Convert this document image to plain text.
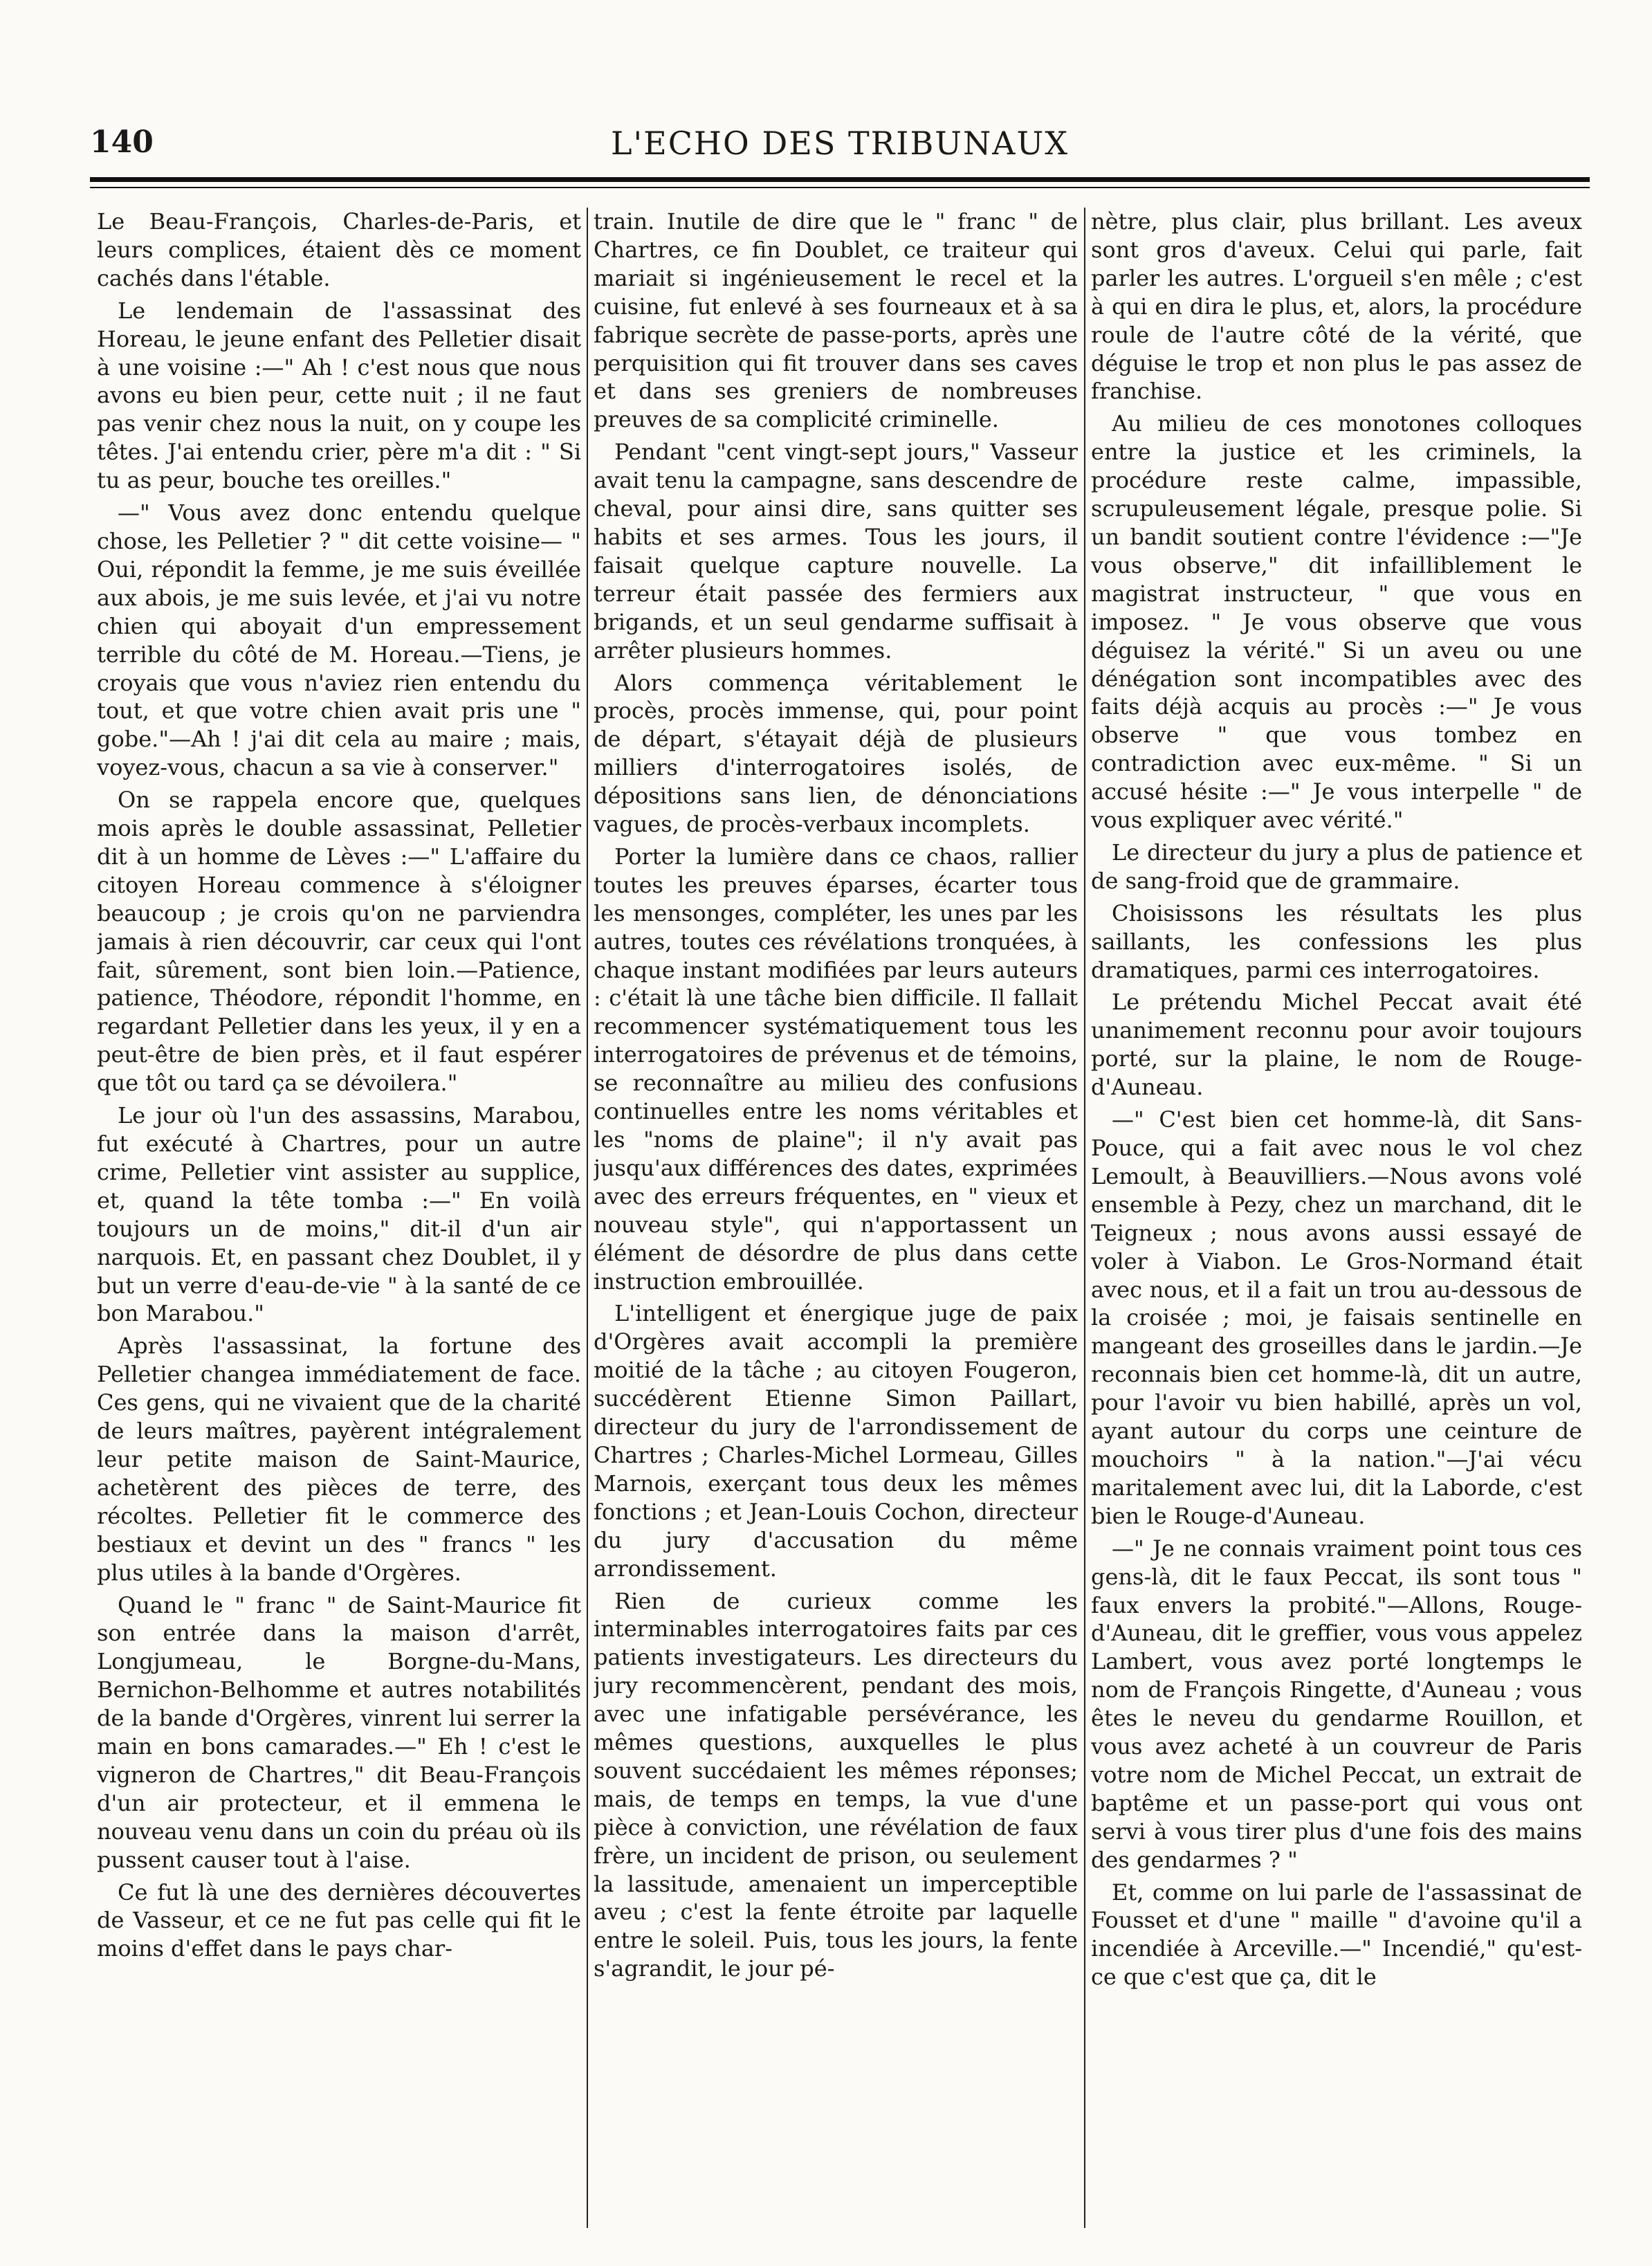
140	L'ECHO DES TRIBUNAUX

Le Beau-François, Charles-de-Paris, et leurs complices, étaient dès ce moment cachés dans l'étable.

Le lendemain de l'assassinat des Horeau, le jeune enfant des Pelletier disait à une voisine :—" Ah ! c'est nous que nous avons eu bien peur, cette nuit ; il ne faut pas venir chez nous la nuit, on y coupe les têtes. J'ai entendu crier, père m'a dit : " Si tu as peur, bouche tes oreilles."

—" Vous avez donc entendu quelque chose, les Pelletier ? " dit cette voisine— " Oui, répondit la femme, je me suis éveillée aux abois, je me suis levée, et j'ai vu notre chien qui aboyait d'un empressement terrible du côté de M. Horeau.—Tiens, je croyais que vous n'aviez rien entendu du tout, et que votre chien avait pris une " gobe."—Ah ! j'ai dit cela au maire ; mais, voyez-vous, chacun a sa vie à conserver."

On se rappela encore que, quelques mois après le double assassinat, Pelletier dit à un homme de Lèves :—" L'affaire du citoyen Horeau commence à s'éloigner beaucoup ; je crois qu'on ne parviendra jamais à rien découvrir, car ceux qui l'ont fait, sûrement, sont bien loin.—Patience, patience, Théodore, répondit l'homme, en regardant Pelletier dans les yeux, il y en a peut-être de bien près, et il faut espérer que tôt ou tard ça se dévoilera."

Le jour où l'un des assassins, Marabou, fut exécuté à Chartres, pour un autre crime, Pelletier vint assister au supplice, et, quand la tête tomba :—" En voilà toujours un de moins," dit-il d'un air narquois. Et, en passant chez Doublet, il y but un verre d'eau-de-vie " à la santé de ce bon Marabou."

Après l'assassinat, la fortune des Pelletier changea immédiatement de face. Ces gens, qui ne vivaient que de la charité de leurs maîtres, payèrent intégralement leur petite maison de Saint-Maurice, achetèrent des pièces de terre, des récoltes. Pelletier fit le commerce des bestiaux et devint un des " francs " les plus utiles à la bande d'Orgères.

Quand le " franc " de Saint-Maurice fit son entrée dans la maison d'arrêt, Longjumeau, le Borgne-du-Mans, Bernichon-Belhomme et autres notabilités de la bande d'Orgères, vinrent lui serrer la main en bons camarades.—" Eh ! c'est le vigneron de Chartres," dit Beau-François d'un air protecteur, et il emmena le nouveau venu dans un coin du préau où ils pussent causer tout à l'aise.

Ce fut là une des dernières découvertes de Vasseur, et ce ne fut pas celle qui fit le moins d'effet dans le pays char-

train. Inutile de dire que le " franc " de Chartres, ce fin Doublet, ce traiteur qui mariait si ingénieusement le recel et la cuisine, fut enlevé à ses fourneaux et à sa fabrique secrète de passe-ports, après une perquisition qui fit trouver dans ses caves et dans ses greniers de nombreuses preuves de sa complicité criminelle.

Pendant "cent vingt-sept jours," Vasseur avait tenu la campagne, sans descendre de cheval, pour ainsi dire, sans quitter ses habits et ses armes. Tous les jours, il faisait quelque capture nouvelle. La terreur était passée des fermiers aux brigands, et un seul gendarme suffisait à arrêter plusieurs hommes.

Alors commença véritablement le procès, procès immense, qui, pour point de départ, s'étayait déjà de plusieurs milliers d'interrogatoires isolés, de dépositions sans lien, de dénonciations vagues, de procès-verbaux incomplets.

Porter la lumière dans ce chaos, rallier toutes les preuves éparses, écarter tous les mensonges, compléter, les unes par les autres, toutes ces révélations tronquées, à chaque instant modifiées par leurs auteurs : c'était là une tâche bien difficile. Il fallait recommencer systématiquement tous les interrogatoires de prévenus et de témoins, se reconnaître au milieu des confusions continuelles entre les noms véritables et les "noms de plaine"; il n'y avait pas jusqu'aux différences des dates, exprimées avec des erreurs fréquentes, en " vieux et nouveau style", qui n'apportassent un élément de désordre de plus dans cette instruction embrouillée.

L'intelligent et énergique juge de paix d'Orgères avait accompli la première moitié de la tâche ; au citoyen Fougeron, succédèrent Etienne Simon Paillart, directeur du jury de l'arrondissement de Chartres ; Charles-Michel Lormeau, Gilles Marnois, exerçant tous deux les mêmes fonctions ; et Jean-Louis Cochon, directeur du jury d'accusation du même arrondissement.

Rien de curieux comme les interminables interrogatoires faits par ces patients investigateurs. Les directeurs du jury recommencèrent, pendant des mois, avec une infatigable persévérance, les mêmes questions, auxquelles le plus souvent succédaient les mêmes réponses; mais, de temps en temps, la vue d'une pièce à conviction, une révélation de faux frère, un incident de prison, ou seulement la lassitude, amenaient un imperceptible aveu ; c'est la fente étroite par laquelle entre le soleil. Puis, tous les jours, la fente s'agrandit, le jour pé-

nètre, plus clair, plus brillant. Les aveux sont gros d'aveux. Celui qui parle, fait parler les autres. L'orgueil s'en mêle ; c'est à qui en dira le plus, et, alors, la procédure roule de l'autre côté de la vérité, que déguise le trop et non plus le pas assez de franchise.

Au milieu de ces monotones colloques entre la justice et les criminels, la procédure reste calme, impassible, scrupuleusement légale, presque polie. Si un bandit soutient contre l'évidence :—"Je vous observe," dit infailliblement le magistrat instructeur, " que vous en imposez. " Je vous observe que vous déguisez la vérité." Si un aveu ou une dénégation sont incompatibles avec des faits déjà acquis au procès :—" Je vous observe " que vous tombez en contradiction avec eux-même. " Si un accusé hésite :—" Je vous interpelle " de vous expliquer avec vérité."

Le directeur du jury a plus de patience et de sang-froid que de grammaire.

Choisissons les résultats les plus saillants, les confessions les plus dramatiques, parmi ces interrogatoires.

Le prétendu Michel Peccat avait été unanimement reconnu pour avoir toujours porté, sur la plaine, le nom de Rouge-d'Auneau.

—" C'est bien cet homme-là, dit Sans-Pouce, qui a fait avec nous le vol chez Lemoult, à Beauvilliers.—Nous avons volé ensemble à Pezy, chez un marchand, dit le Teigneux ; nous avons aussi essayé de voler à Viabon. Le Gros-Normand était avec nous, et il a fait un trou au-dessous de la croisée ; moi, je faisais sentinelle en mangeant des groseilles dans le jardin.—Je reconnais bien cet homme-là, dit un autre, pour l'avoir vu bien habillé, après un vol, ayant autour du corps une ceinture de mouchoirs " à la nation."—J'ai vécu maritalement avec lui, dit la Laborde, c'est bien le Rouge-d'Auneau.

—" Je ne connais vraiment point tous ces gens-là, dit le faux Peccat, ils sont tous " faux envers la probité."—Allons, Rouge-d'Auneau, dit le greffier, vous vous appelez Lambert, vous avez porté longtemps le nom de François Ringette, d'Auneau ; vous êtes le neveu du gendarme Rouillon, et vous avez acheté à un couvreur de Paris votre nom de Michel Peccat, un extrait de baptême et un passe-port qui vous ont servi à vous tirer plus d'une fois des mains des gendarmes ? "

Et, comme on lui parle de l'assassinat de Fousset et d'une " maille " d'avoine qu'il a incendiée à Arceville.—" Incendié," qu'est-ce que c'est que ça, dit le
